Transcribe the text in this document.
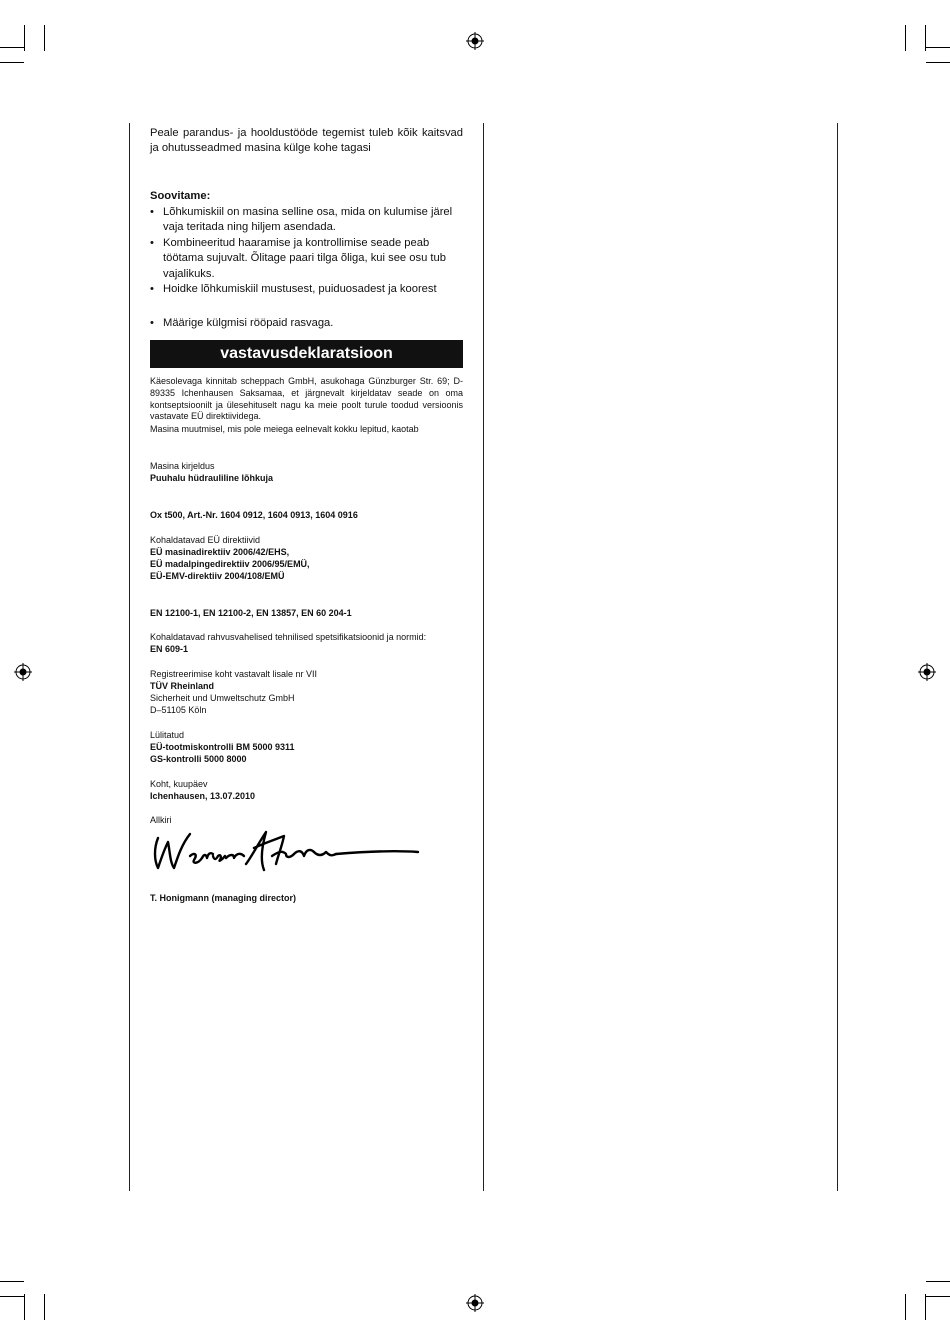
Peale parandus- ja hooldustööde tegemist tuleb kõik kaitsvad ja ohutusseadmed masina külge kohe tagasi
Soovitame:
• Lõhkumiskiil on masina selline osa, mida on kulumise järel vaja teritada ning hiljem asendada.
• Kombineeritud haaramise ja kontrollimise seade peab töötama sujuvalt. Õlitage paari tilga õliga, kui see osu tub vajalikuks.
• Hoidke lõhkumiskiil mustusest, puiduosadest ja koorest
• Määrige külgmisi rööpaid rasvaga.
vastavusdeklaratsioon
Käesolevaga kinnitab scheppach GmbH, asukohaga Günzburger Str. 69; D-89335 Ichenhausen Saksamaa, et järgnevalt kirjeldatav seade on oma kontseptsioonilt ja ülesehituselt nagu ka meie poolt turule toodud versioonis vastavate EÜ direktiividega.
Masina muutmisel, mis pole meiega eelnevalt kokku lepitud, kaotab
Masina kirjeldus
Puuhalu hüdrauliline lõhkuja
Ox t500, Art.-Nr. 1604 0912, 1604 0913, 1604 0916
Kohaldatavad EÜ direktiivid
EÜ masinadirektiiv 2006/42/EHS,
EÜ madalpingedirektiiv 2006/95/EMÜ,
EÜ-EMV-direktiiv 2004/108/EMÜ
EN 12100-1, EN 12100-2, EN 13857, EN 60 204-1
Kohaldatavad rahvusvahelised tehnilised spetsifikatsioonid ja normid:
EN 609-1
Registreerimise koht vastavalt lisale nr VII
TÜV Rheinland
Sicherheit und Umweltschutz GmbH
D–51105 Köln
Lülitatud
EÜ-tootmiskontrolli BM 5000 9311
GS-kontrolli 5000 8000
Koht, kuupäev
Ichenhausen, 13.07.2010
Allkiri
T. Honigmann (managing director)
